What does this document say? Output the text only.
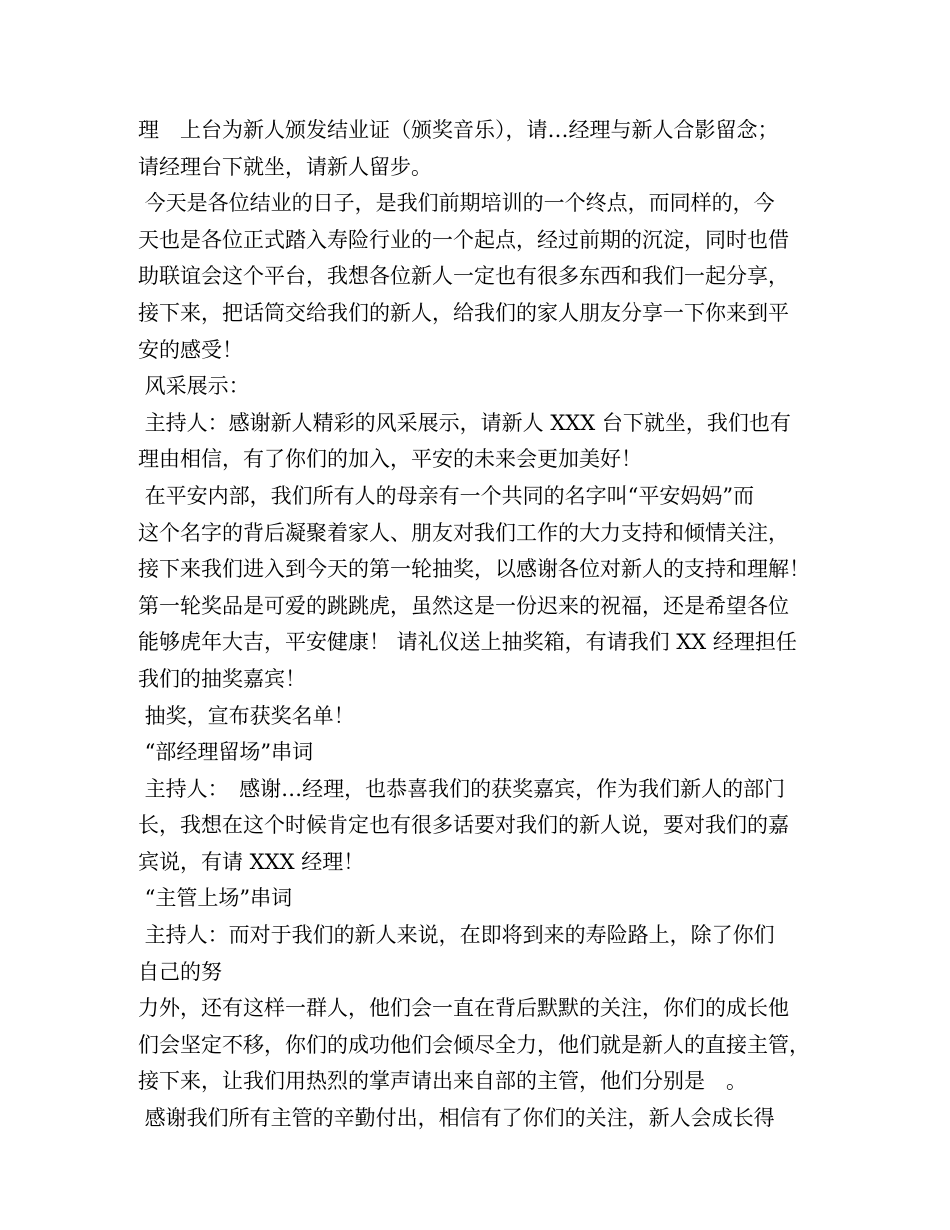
理　上台为新人颁发结业证（颁奖音乐），请…经理与新人合影留念；
请经理台下就坐，请新人留步。
今天是各位结业的日子，是我们前期培训的一个终点，而同样的，今
天也是各位正式踏入寿险行业的一个起点，经过前期的沉淀，同时也借
助联谊会这个平台，我想各位新人一定也有很多东西和我们一起分享，
接下来，把话筒交给我们的新人，给我们的家人朋友分享一下你来到平
安的感受！
风采展示：
主持人：感谢新人精彩的风采展示，请新人 XXX 台下就坐，我们也有
理由相信，有了你们的加入，平安的未来会更加美好！
在平安内部，我们所有人的母亲有一个共同的名字叫“平安妈妈”而
这个名字的背后凝聚着家人、朋友对我们工作的大力支持和倾情关注，
接下来我们进入到今天的第一轮抽奖，以感谢各位对新人的支持和理解！
第一轮奖品是可爱的跳跳虎，虽然这是一份迟来的祝福，还是希望各位
能够虎年大吉，平安健康！ 请礼仪送上抽奖箱，有请我们 XX 经理担任
我们的抽奖嘉宾！
抽奖，宣布获奖名单！
“部经理留场”串词
主持人：　感谢…经理，也恭喜我们的获奖嘉宾，作为我们新人的部门
长，我想在这个时候肯定也有很多话要对我们的新人说，要对我们的嘉
宾说，有请 XXX 经理！
“主管上场”串词
主持人：而对于我们的新人来说，在即将到来的寿险路上，除了你们
自己的努
力外，还有这样一群人，他们会一直在背后默默的关注，你们的成长他
们会坚定不移，你们的成功他们会倾尽全力，他们就是新人的直接主管，
接下来，让我们用热烈的掌声请出来自部的主管，他们分别是　。
感谢我们所有主管的辛勤付出，相信有了你们的关注，新人会成长得
